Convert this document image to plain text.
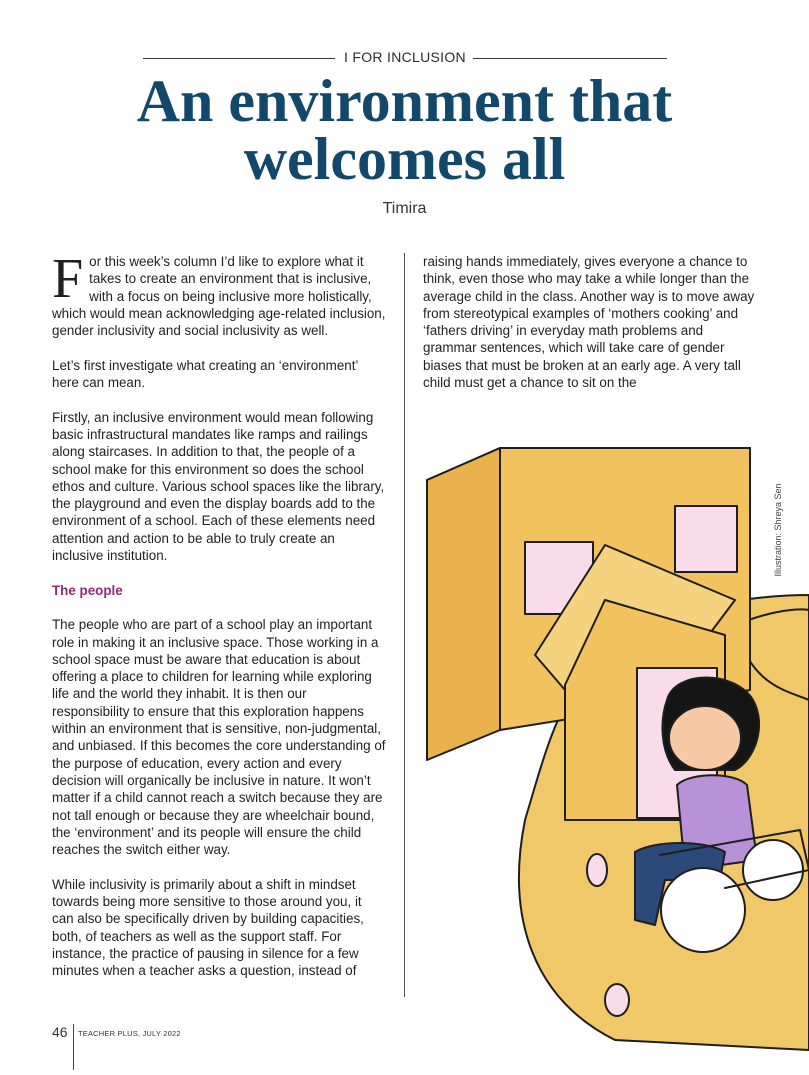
I FOR INCLUSION
An environment that
welcomes all
Timira

For this week’s column I’d like to explore what it takes to create an environment that is inclusive, with a focus on being inclusive more holistically, which would mean acknowledging age-related inclusion, gender inclusivity and social inclusivity as well.

Let’s first investigate what creating an ‘environment’ here can mean.

Firstly, an inclusive environment would mean following basic infrastructural mandates like ramps and railings along staircases. In addition to that, the people of a school make for this environment so does the school ethos and culture. Various school spaces like the library, the playground and even the display boards add to the environment of a school. Each of these elements need attention and action to be able to truly create an inclusive institution.

The people

The people who are part of a school play an important role in making it an inclusive space. Those working in a school space must be aware that education is about offering a place to children for learning while exploring life and the world they inhabit. It is then our responsibility to ensure that this exploration happens within an environment that is sensitive, non-judgmental, and unbiased. If this becomes the core understanding of the purpose of education, every action and every decision will organically be inclusive in nature. It won’t matter if a child cannot reach a switch because they are not tall enough or because they are wheelchair bound, the ‘environment’ and its people will ensure the child reaches the switch either way.

While inclusivity is primarily about a shift in mindset towards being more sensitive to those around you, it can also be specifically driven by building capacities, both, of teachers as well as the support staff. For instance, the practice of pausing in silence for a few minutes when a teacher asks a question, instead of

raising hands immediately, gives everyone a chance to think, even those who may take a while longer than the average child in the class. Another way is to move away from stereotypical examples of ‘mothers cooking’ and ‘fathers driving’ in everyday math problems and grammar sentences, which will take care of gender biases that must be broken at an early age. A very tall child must get a chance to sit on the

Illustration: Shreya Sen
46 TEACHER PLUS, JULY 2022
